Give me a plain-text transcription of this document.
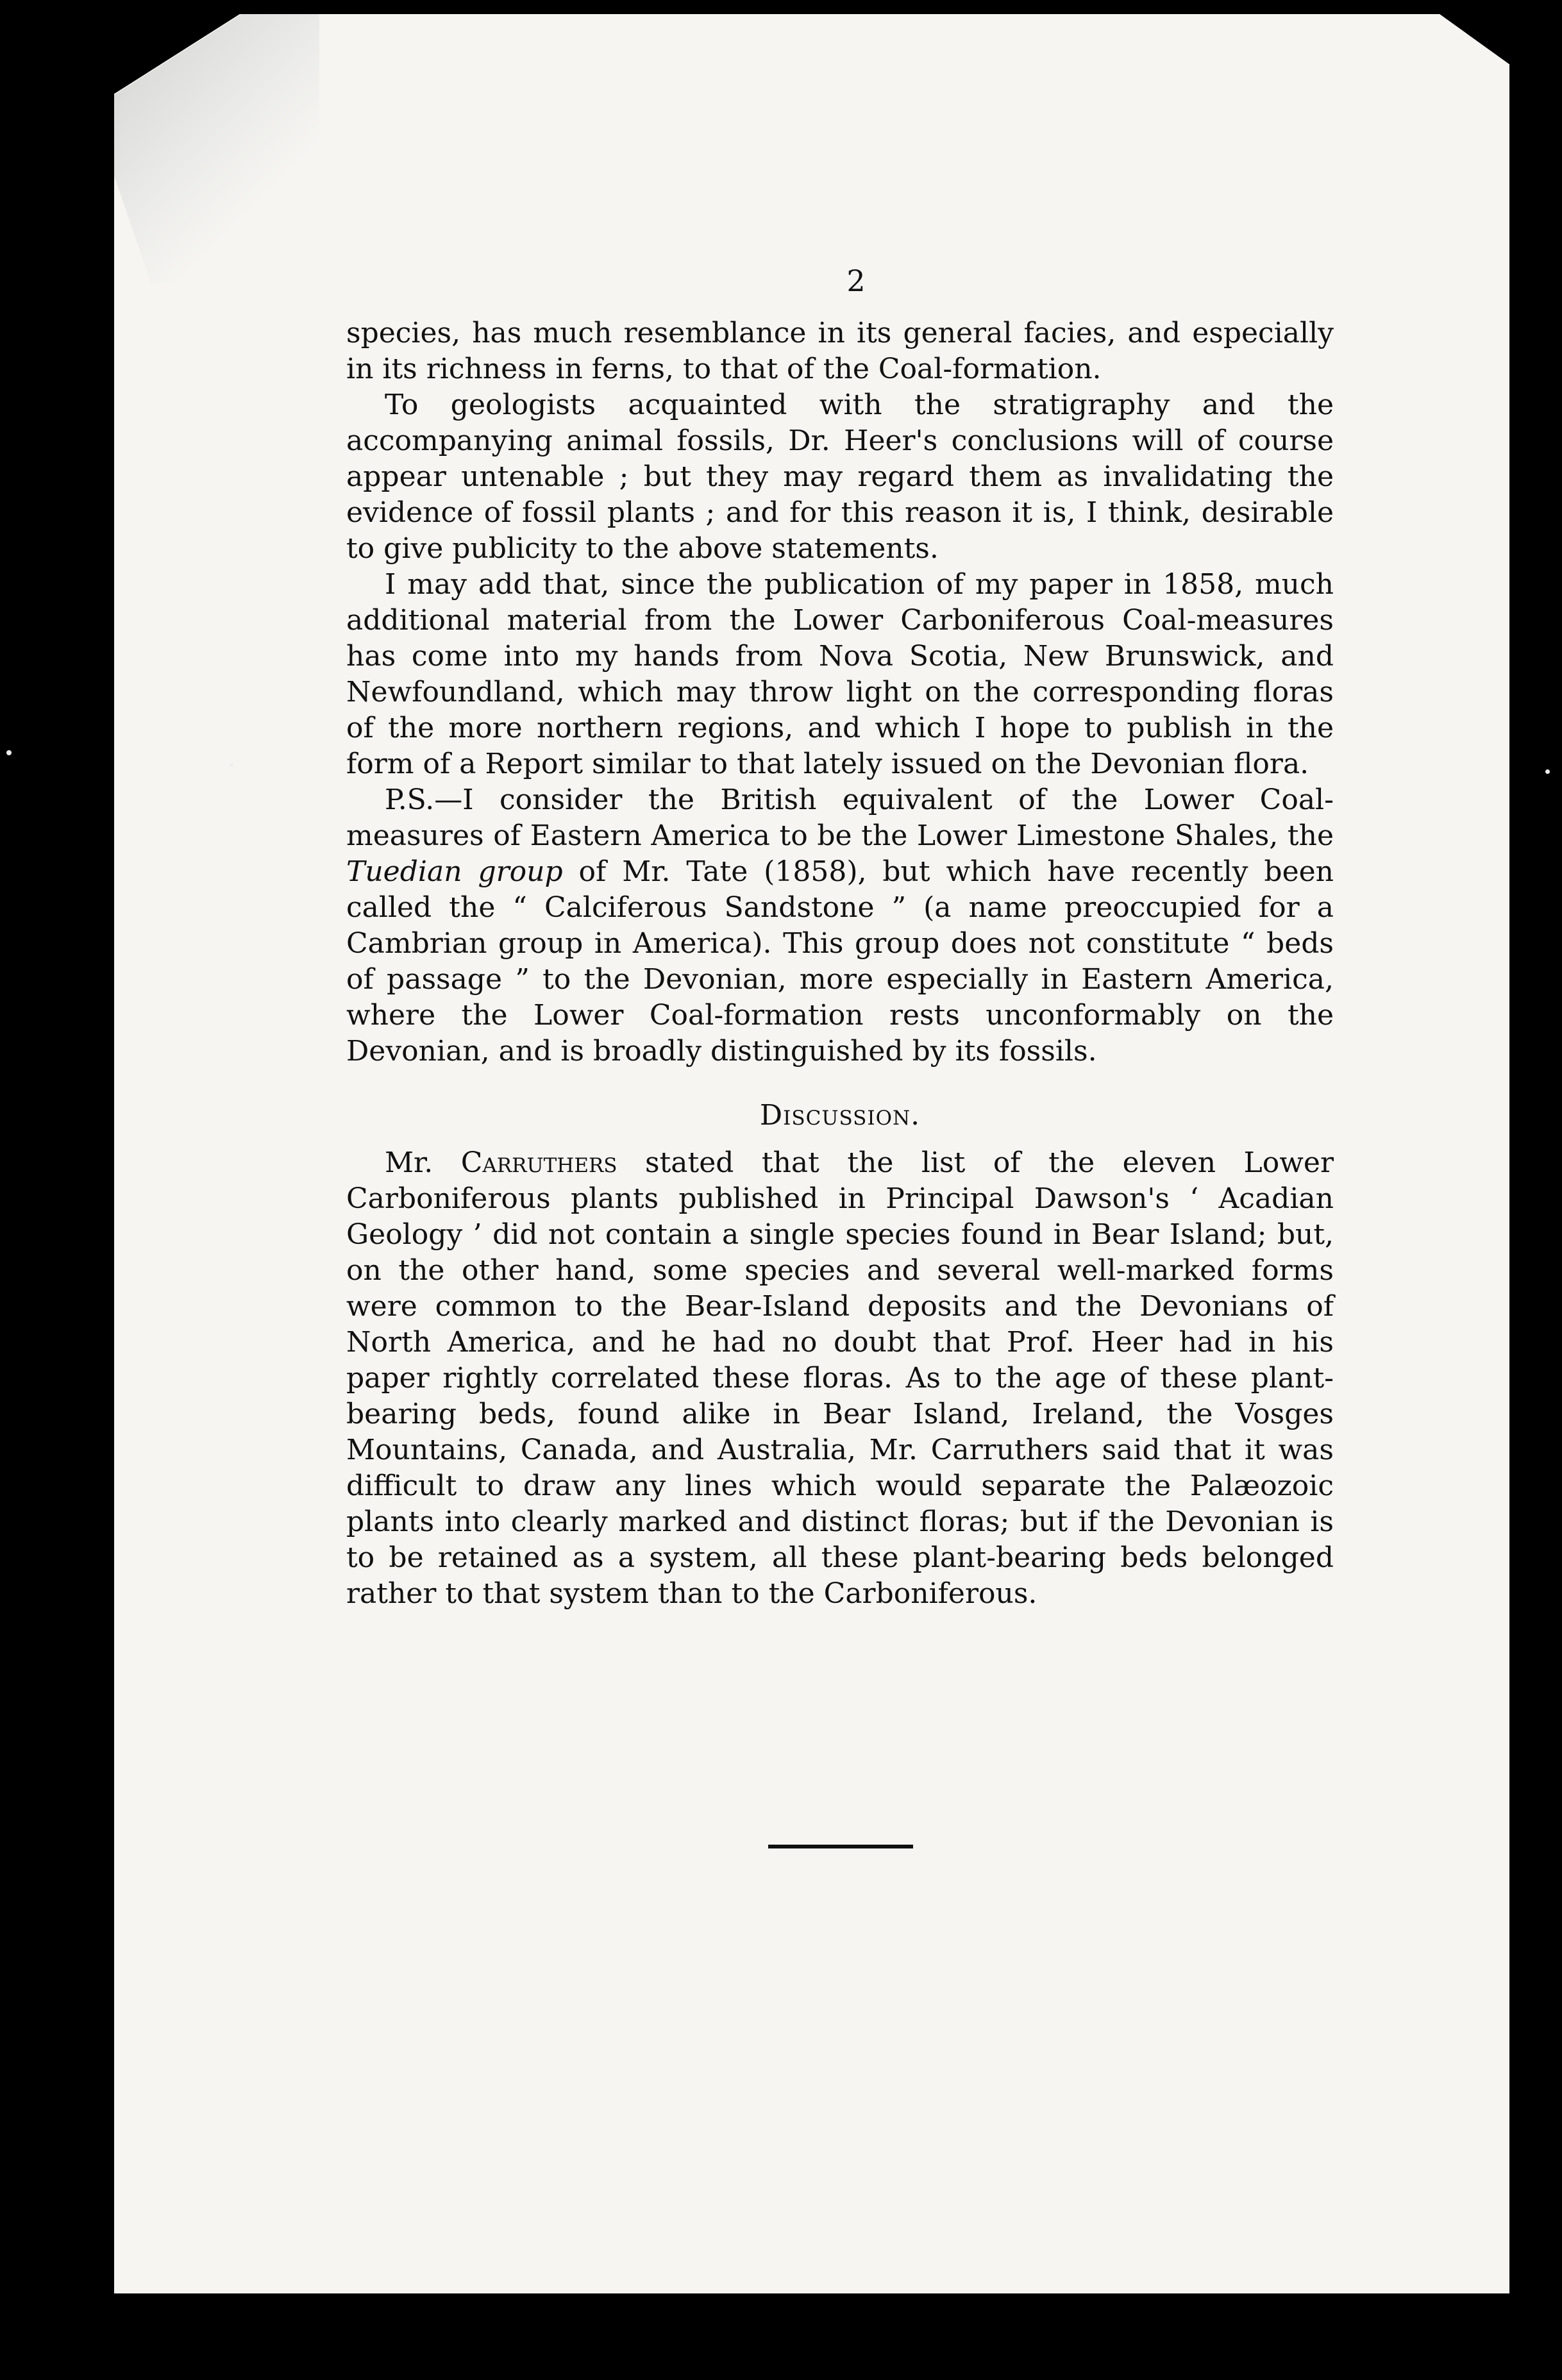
2

species, has much resemblance in its general facies, and especially in its richness in ferns, to that of the Coal-formation.

To geologists acquainted with the stratigraphy and the accompanying animal fossils, Dr. Heer's conclusions will of course appear untenable ; but they may regard them as invalidating the evidence of fossil plants ; and for this reason it is, I think, desirable to give publicity to the above statements.

I may add that, since the publication of my paper in 1858, much additional material from the Lower Carboniferous Coal-measures has come into my hands from Nova Scotia, New Brunswick, and Newfoundland, which may throw light on the corresponding floras of the more northern regions, and which I hope to publish in the form of a Report similar to that lately issued on the Devonian flora.

P.S.—I consider the British equivalent of the Lower Coal-measures of Eastern America to be the Lower Limestone Shales, the Tuedian group of Mr. Tate (1858), but which have recently been called the “ Calciferous Sandstone ” (a name preoccupied for a Cambrian group in America). This group does not constitute “ beds of passage ” to the Devonian, more especially in Eastern America, where the Lower Coal-formation rests unconformably on the Devonian, and is broadly distinguished by its fossils.

Discussion.

Mr. Carruthers stated that the list of the eleven Lower Carboniferous plants published in Principal Dawson's ‘ Acadian Geology ’ did not contain a single species found in Bear Island; but, on the other hand, some species and several well-marked forms were common to the Bear-Island deposits and the Devonians of North America, and he had no doubt that Prof. Heer had in his paper rightly correlated these floras. As to the age of these plant-bearing beds, found alike in Bear Island, Ireland, the Vosges Mountains, Canada, and Australia, Mr. Carruthers said that it was difficult to draw any lines which would separate the Palæozoic plants into clearly marked and distinct floras; but if the Devonian is to be retained as a system, all these plant-bearing beds belonged rather to that system than to the Carboniferous.
